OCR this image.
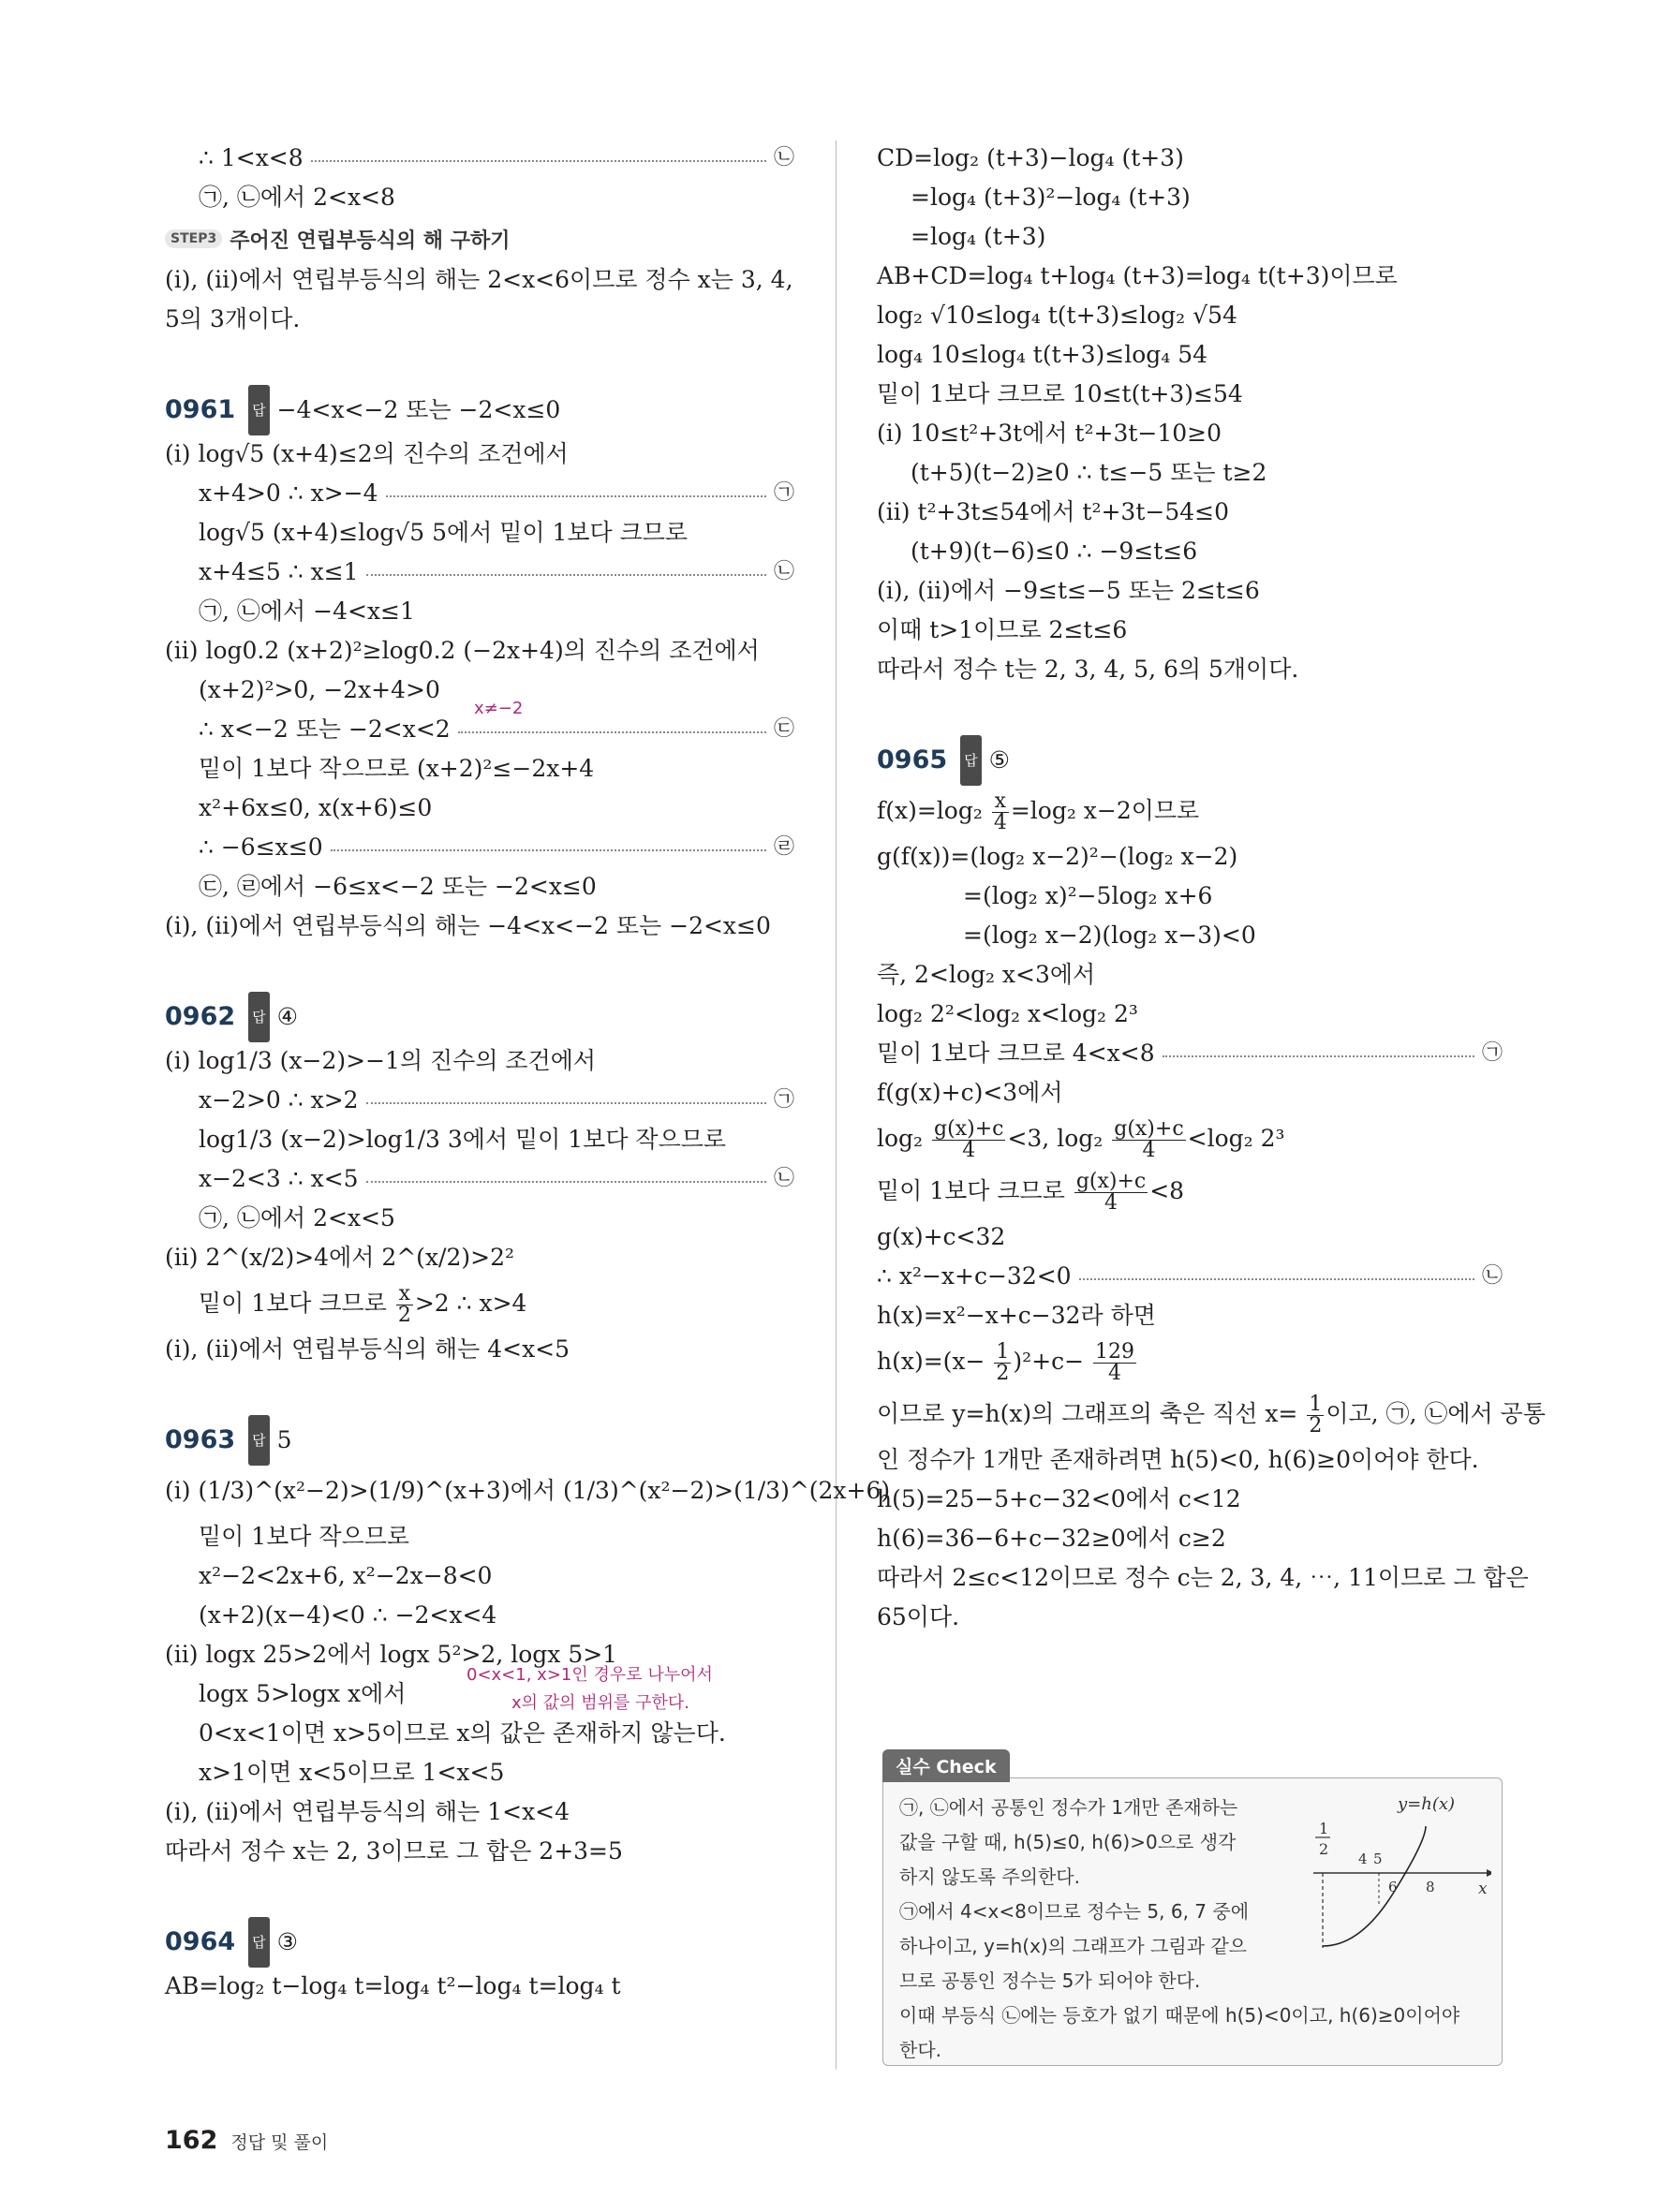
∴ 1<x<8	㉡
㉠, ㉡에서 2<x<8
STEP3 주어진 연립부등식의 해 구하기
(ⅰ), (ⅱ)에서 연립부등식의 해는 2<x<6이므로 정수 x는 3, 4, 5의 3개이다.
0961 답 −4<x<−2 또는 −2<x≤0
(ⅰ) log√5 (x+4)≤2의 진수의 조건에서
x+4>0 ∴ x>−4	㉠
log√5 (x+4)≤log√5 5에서 밑이 1보다 크므로
x+4≤5 ∴ x≤1	㉡
㉠, ㉡에서 −4<x≤1
(ⅱ) log0.2 (x+2)²≥log0.2 (−2x+4)의 진수의 조건에서
(x+2)²>0, −2x+4>0
x≠−2
∴ x<−2 또는 −2<x<2	㉢
밑이 1보다 작으므로 (x+2)²≤−2x+4
x²+6x≤0, x(x+6)≤0
∴ −6≤x≤0	㉣
㉢, ㉣에서 −6≤x<−2 또는 −2<x≤0
(ⅰ), (ⅱ)에서 연립부등식의 해는 −4<x<−2 또는 −2<x≤0
0962 답 ④
(ⅰ) log1/3 (x−2)>−1의 진수의 조건에서
x−2>0 ∴ x>2	㉠
log1/3 (x−2)>log1/3 3에서 밑이 1보다 작으므로
x−2<3 ∴ x<5	㉡
㉠, ㉡에서 2<x<5
(ⅱ) 2^(x/2)>4에서 2^(x/2)>2²
밑이 1보다 크므로 $\frac{x}{2} >2$ ∴ x>4
(ⅰ), (ⅱ)에서 연립부등식의 해는 4<x<5
0963 답 5
(ⅰ) (1/3)^(x²−2)>(1/9)^(x+3)에서 (1/3)^(x²−2)>(1/3)^(2x+6)
밑이 1보다 작으므로
x²−2<2x+6, x²−2x−8<0
(x+2)(x−4)<0 ∴ −2<x<4
(ⅱ) logx 25>2에서 logx 5²>2, logx 5>1
0<x<1, x>1인 경우로 나누어서
logx 5>logx x에서	x의 값의 범위를 구한다.
0<x<1이면 x>5이므로 x의 값은 존재하지 않는다.
x>1이면 x<5이므로 1<x<5
(ⅰ), (ⅱ)에서 연립부등식의 해는 1<x<4
따라서 정수 x는 2, 3이므로 그 합은 2+3=5
0964 답 ③
AB=log₂ t−log₄ t=log₄ t²−log₄ t=log₄ t
CD=log₂ (t+3)−log₄ (t+3)
=log₄ (t+3)²−log₄ (t+3)
=log₄ (t+3)
AB+CD=log₄ t+log₄ (t+3)=log₄ t(t+3)이므로
log₂ √10≤log₄ t(t+3)≤log₂ √54
log₄ 10≤log₄ t(t+3)≤log₄ 54
밑이 1보다 크므로 10≤t(t+3)≤54
(ⅰ) 10≤t²+3t에서 t²+3t−10≥0
(t+5)(t−2)≥0 ∴ t≤−5 또는 t≥2
(ⅱ) t²+3t≤54에서 t²+3t−54≤0
(t+9)(t−6)≤0 ∴ −9≤t≤6
(ⅰ), (ⅱ)에서 −9≤t≤−5 또는 2≤t≤6
이때 t>1이므로 2≤t≤6
따라서 정수 t는 2, 3, 4, 5, 6의 5개이다.
0965 답 ⑤
$f(x)=\log_2 \frac{x}{4} =\log_2$ x−2이므로
g(f(x))=(log₂ x−2)²−(log₂ x−2)
=(log₂ x)²−5log₂ x+6
=(log₂ x−2)(log₂ x−3)<0
즉, 2<log₂ x<3에서
log₂ 2²<log₂ x<log₂ 2³
밑이 1보다 크므로 4<x<8	㉠
f(g(x)+c)<3에서
$\log_2 \frac{g(x)+c}{4} <3$, $\log_2 \frac{g(x)+c}{4} <\log_2$ 2³
밑이 1보다 크므로 $\frac{g(x)+c}{4} <8$
g(x)+c<32
∴ x²−x+c−32<0	㉡
h(x)=x²−x+c−32라 하면
$h(x)=(x- \frac{1}{2} )^2+c- \frac{129}{4}$
이므로 y=h(x)의 그래프의 축은 직선 $x= \frac{1}{2}$ 이고, ㉠, ㉡에서 공통
인 정수가 1개만 존재하려면 h(5)<0, h(6)≥0이어야 한다.
h(5)=25−5+c−32<0에서 c<12
h(6)=36−6+c−32≥0에서 c≥2
따라서 2≤c<12이므로 정수 c는 2, 3, 4, ⋯, 11이므로 그 합은
65이다.
실수 Check
㉠, ㉡에서 공통인 정수가 1개만 존재하는
값을 구할 때, h(5)≤0, h(6)>0으로 생각
하지 않도록 주의한다.
㉠에서 4<x<8이므로 정수는 5, 6, 7 중에
하나이고, y=h(x)의 그래프가 그림과 같으
므로 공통인 정수는 5가 되어야 한다.
이때 부등식 ㉡에는 등호가 없기 때문에 h(5)<0이고, h(6)≥0이어야
한다.
y=h(x)
1
2
x
4 5
6 8
162 정답 및 풀이
